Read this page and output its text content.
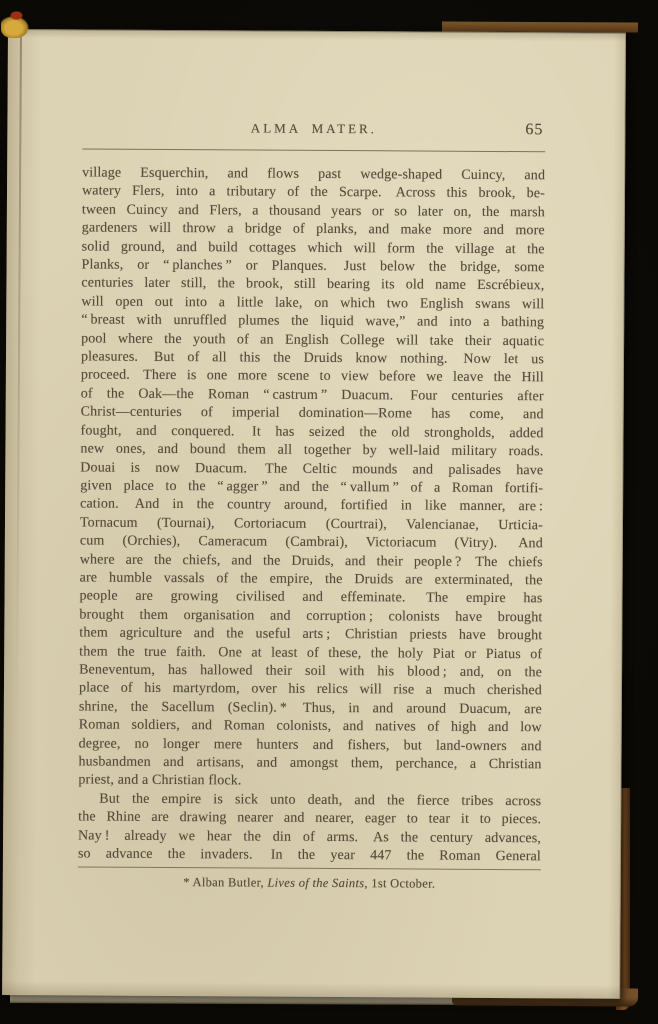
ALMA MATER.	65

village Esquerchin, and flows past wedge-shaped Cuincy, and

watery Flers, into a tributary of the Scarpe.  Across this brook, be-

tween Cuincy and Flers, a thousand years or so later on, the marsh

gardeners will throw a bridge of planks, and make more and more

solid ground, and build cottages which will form the village at the

Planks, or “ planches ” or Planques.  Just below the bridge, some

centuries later still, the brook, still bearing its old name Escrébieux,

will open out into a little lake, on which two English swans will

“ breast with unruffled plumes the liquid wave,” and into a bathing

pool where the youth of an English College will take their aquatic

pleasures.  But of all this the Druids know nothing.  Now let us

proceed.  There is one more scene to view before we leave the Hill

of the Oak—the Roman “ castrum ” Duacum.  Four centuries after

Christ—centuries of imperial domination—Rome has come, and

fought, and conquered.  It has seized the old strongholds, added

new ones, and bound them all together by well-laid military roads.

Douai is now Duacum.  The Celtic mounds and palisades have

given place to the “ agger ” and the “ vallum ” of a Roman fortifi-

cation.  And in the country around, fortified in like manner, are :

Tornacum (Tournai), Cortoriacum (Courtrai), Valencianae, Urticia-

cum (Orchies), Cameracum (Cambrai), Victoriacum (Vitry).  And

where are the chiefs, and the Druids, and their people ?  The chiefs

are humble vassals of the empire, the Druids are exterminated, the

people are growing civilised and effeminate.  The empire has

brought them organisation and corruption ; colonists have brought

them agriculture and the useful arts ;  Christian priests have brought

them the true faith.  One at least of these, the holy Piat or Piatus of

Beneventum, has hallowed their soil with his blood ; and, on the

place of his martyrdom, over his relics will rise a much cherished

shrine, the Sacellum (Seclin). *  Thus, in and around Duacum, are

Roman soldiers, and Roman colonists, and natives of high and low

degree, no longer mere hunters and fishers, but land-owners and

husbandmen and artisans, and amongst them, perchance, a Christian

priest, and a Christian flock.

But the empire is sick unto death, and the fierce tribes across

the Rhine are drawing nearer and nearer, eager to tear it to pieces.

Nay !  already we hear the din of arms.  As the century advances,

so advance the invaders.  In the year 447 the Roman General

* Alban Butler, Lives of the Saints, 1st October.
